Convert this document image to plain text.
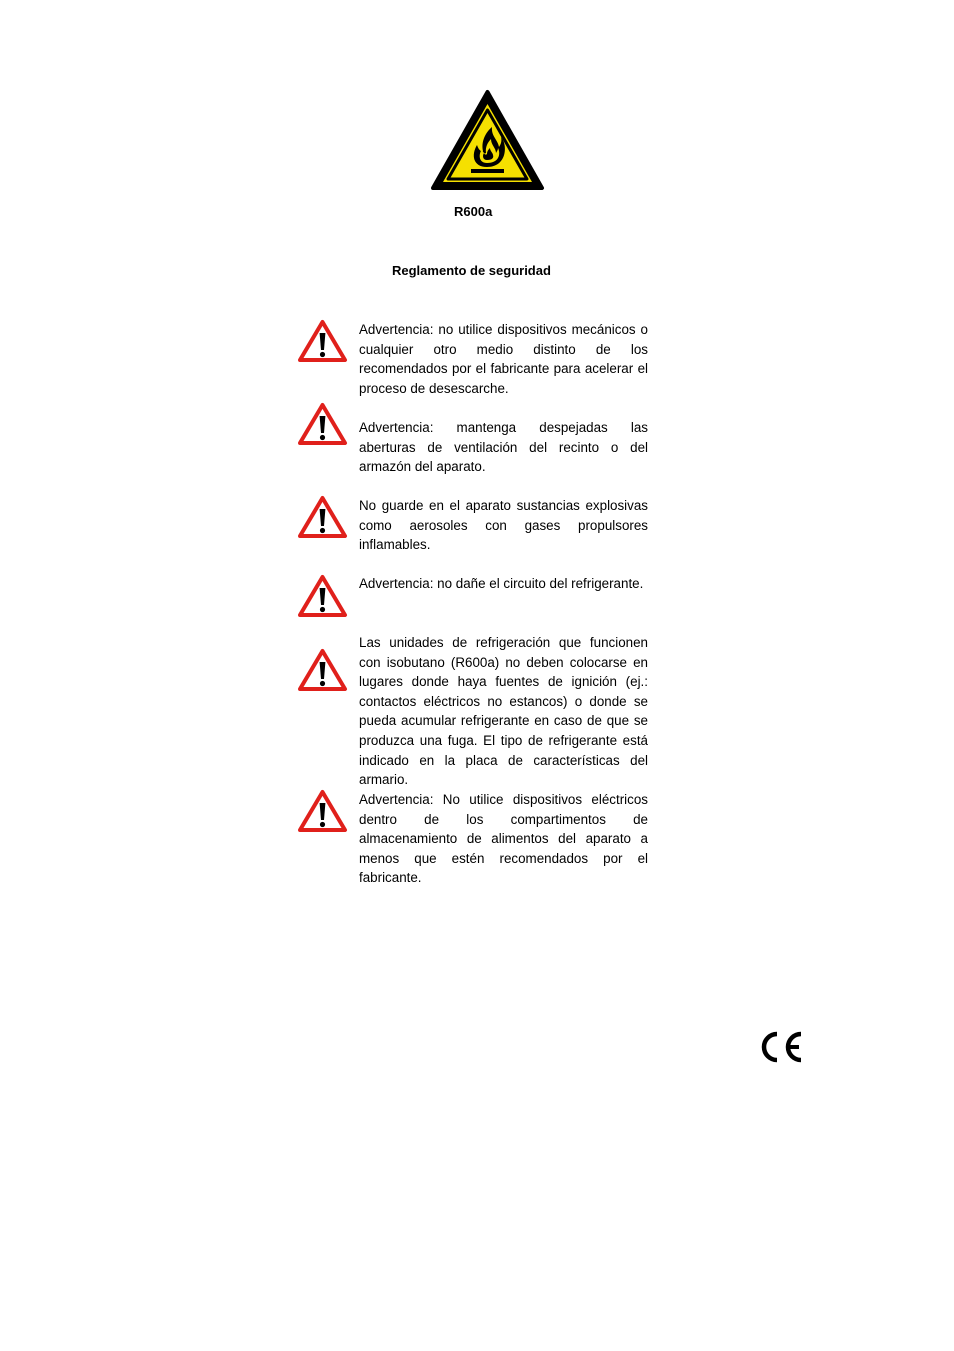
R600a
Reglamento de seguridad

Advertencia: no utilice dispositivos mecánicos o cualquier otro medio distinto de los recomendados por el fabricante para acelerar el proceso de desescarche.

Advertencia: mantenga despejadas las aberturas de ventilación del recinto o del armazón del aparato.

No guarde en el aparato sustancias explosivas como aerosoles con gases propulsores inflamables.

Advertencia: no dañe el circuito del refrigerante.

Las unidades de refrigeración que funcionen con isobutano (R600a) no deben colocarse en lugares donde haya fuentes de ignición (ej.: contactos eléctricos no estancos) o donde se pueda acumular refrigerante en caso de que se produzca una fuga. El tipo de refrigerante está indicado en la placa de características del armario.

Advertencia: No utilice dispositivos eléctricos dentro de los compartimentos de almacenamiento de alimentos del aparato a menos que estén recomendados por el fabricante.
